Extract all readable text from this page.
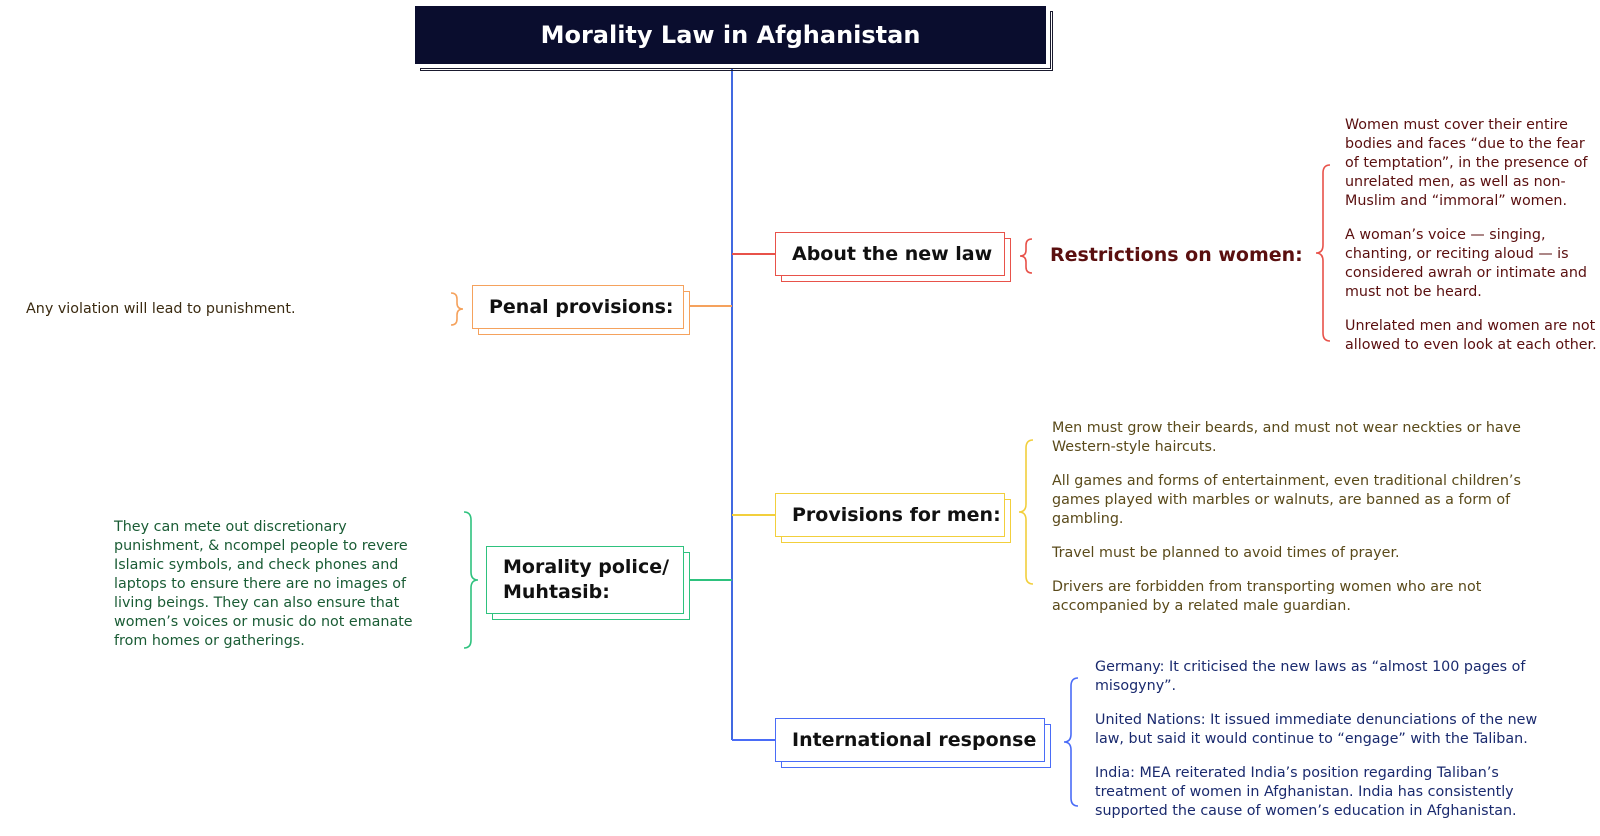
Morality Law in Afghanistan
About the new law	Restrictions on women:

Women must cover their entire bodies and faces “due to the fear of temptation”, in the presence of unrelated men, as well as non-Muslim and “immoral” women.

A woman’s voice — singing, chanting, or reciting aloud — is considered awrah or intimate and must not be heard.

Unrelated men and women are not allowed to even look at each other.

Penal provisions:
Any violation will lead to punishment.
Provisions for men:

Men must grow their beards, and must not wear neckties or have Western-style haircuts.

All games and forms of entertainment, even traditional children’s games played with marbles or walnuts, are banned as a form of gambling.

Travel must be planned to avoid times of prayer.

Drivers are forbidden from transporting women who are not accompanied by a related male guardian.

Morality police/ Muhtasib:
They can mete out discretionary punishment, & ncompel people to revere Islamic symbols, and check phones and laptops to ensure there are no images of living beings. They can also ensure that women’s voices or music do not emanate from homes or gatherings.
International response

Germany: It criticised the new laws as “almost 100 pages of misogyny”.

United Nations: It issued immediate denunciations of the new law, but said it would continue to “engage” with the Taliban.

India: MEA reiterated India’s position regarding Taliban’s treatment of women in Afghanistan. India has consistently supported the cause of women’s education in Afghanistan.
